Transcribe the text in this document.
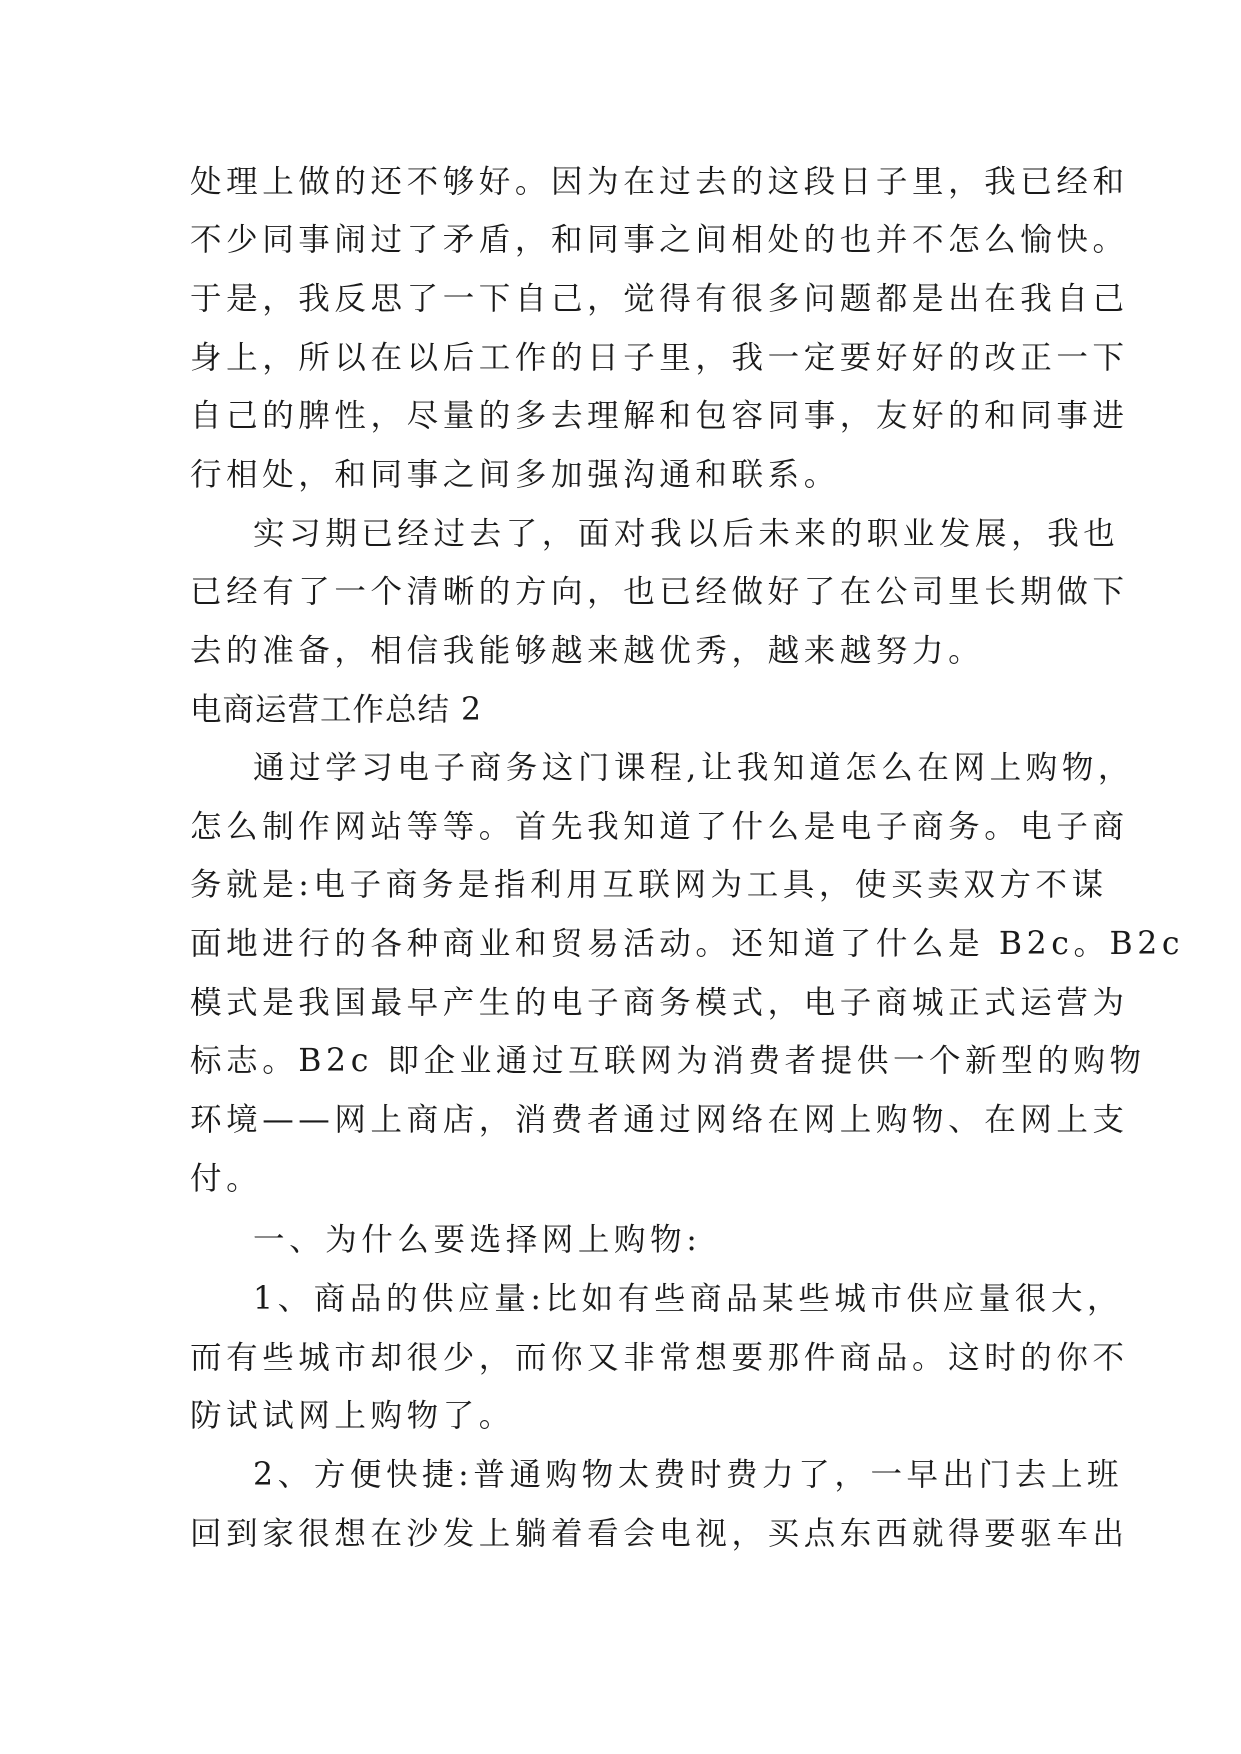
处理上做的还不够好。因为在过去的这段日子里，我已经和
不少同事闹过了矛盾，和同事之间相处的也并不怎么愉快。
于是，我反思了一下自己，觉得有很多问题都是出在我自己
身上，所以在以后工作的日子里，我一定要好好的改正一下
自己的脾性，尽量的多去理解和包容同事，友好的和同事进
行相处，和同事之间多加强沟通和联系。
实习期已经过去了，面对我以后未来的职业发展，我也
已经有了一个清晰的方向，也已经做好了在公司里长期做下
去的准备，相信我能够越来越优秀，越来越努力。
电商运营工作总结 2
通过学习电子商务这门课程,让我知道怎么在网上购物，
怎么制作网站等等。首先我知道了什么是电子商务。电子商
务就是:电子商务是指利用互联网为工具，使买卖双方不谋
面地进行的各种商业和贸易活动。还知道了什么是 B2c。B2c
模式是我国最早产生的电子商务模式，电子商城正式运营为
标志。B2c 即企业通过互联网为消费者提供一个新型的购物
环境——网上商店，消费者通过网络在网上购物、在网上支
付。
一、为什么要选择网上购物:
1、商品的供应量:比如有些商品某些城市供应量很大，
而有些城市却很少，而你又非常想要那件商品。这时的你不
防试试网上购物了。
2、方便快捷:普通购物太费时费力了，一早出门去上班
回到家很想在沙发上躺着看会电视，买点东西就得要驱车出
